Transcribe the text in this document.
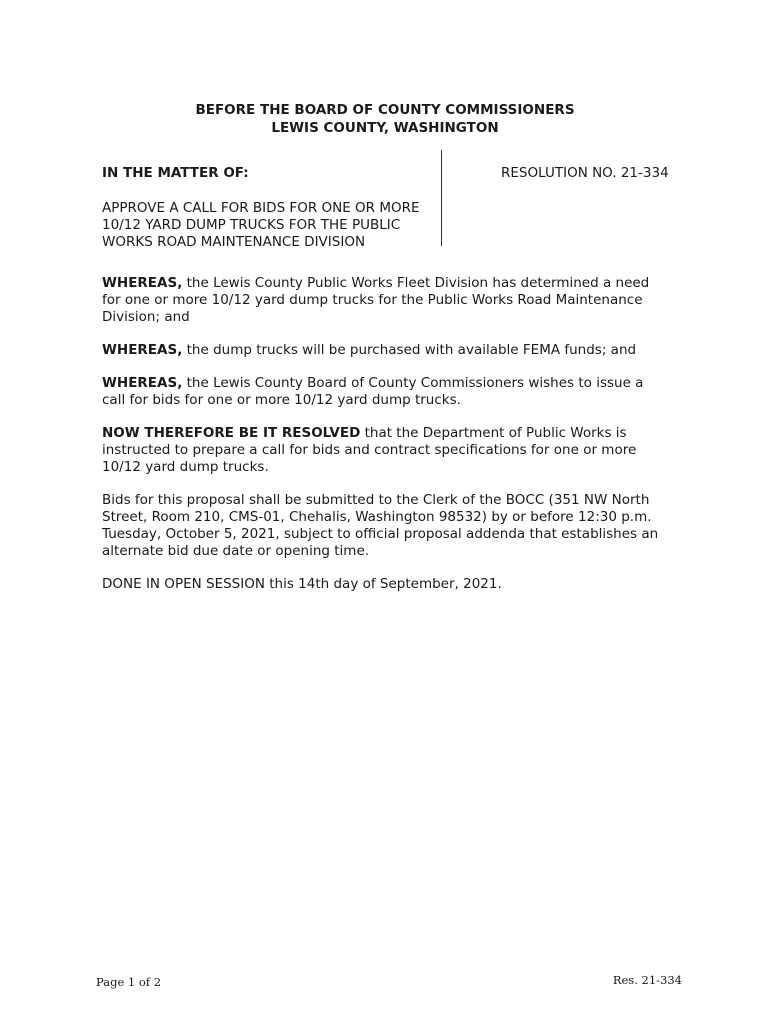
BEFORE THE BOARD OF COUNTY COMMISSIONERS
LEWIS COUNTY, WASHINGTON
IN THE MATTER OF:
APPROVE A CALL FOR BIDS FOR ONE OR MORE
10/12 YARD DUMP TRUCKS FOR THE PUBLIC
WORKS ROAD MAINTENANCE DIVISION
RESOLUTION NO. 21-334
WHEREAS, the Lewis County Public Works Fleet Division has determined a need
for one or more 10/12 yard dump trucks for the Public Works Road Maintenance
Division; and
WHEREAS, the dump trucks will be purchased with available FEMA funds; and
WHEREAS, the Lewis County Board of County Commissioners wishes to issue a
call for bids for one or more 10/12 yard dump trucks.
NOW THEREFORE BE IT RESOLVED that the Department of Public Works is
instructed to prepare a call for bids and contract specifications for one or more
10/12 yard dump trucks.
Bids for this proposal shall be submitted to the Clerk of the BOCC (351 NW North
Street, Room 210, CMS-01, Chehalis, Washington 98532) by or before 12:30 p.m.
Tuesday, October 5, 2021, subject to official proposal addenda that establishes an
alternate bid due date or opening time.
DONE IN OPEN SESSION this 14th day of September, 2021.
Page 1 of 2	Res. 21-334
